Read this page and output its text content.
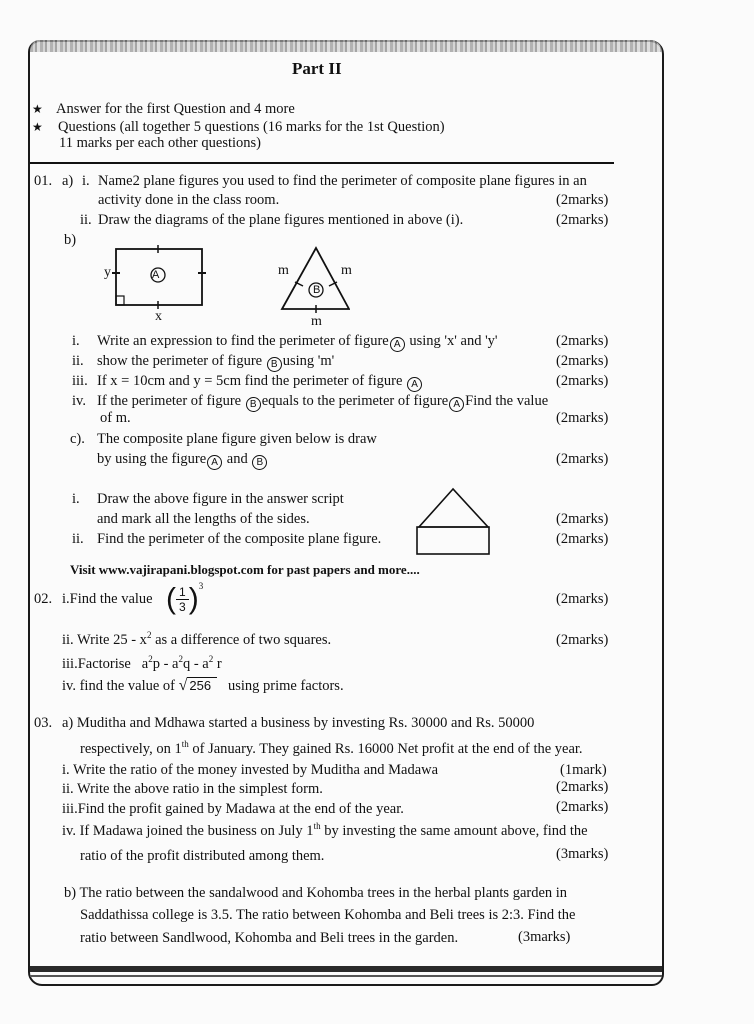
Part II
★ Answer for the first Question and 4 more
★ Questions (all together 5 questions (16 marks for the 1st Question)
11 marks per each other questions)
01. a) i. Name2 plane figures you used to find the perimeter of composite plane figures in an
activity done in the class room.	(2marks)
ii. Draw the diagrams of the plane figures mentioned in above (i).	(2marks)
b)
A
y
x
B
m	m
m
i. Write an expression to find the perimeter of figure A using 'x' and 'y'	(2marks)
ii. show the perimeter of figure B using 'm'	(2marks)
iii. If x = 10cm and y = 5cm find the perimeter of figure A	(2marks)
iv. If the perimeter of figure B equals to the perimeter of figure A Find the value
of m.	(2marks)
c). The composite plane figure given below is draw
by using the figure A and B	(2marks)
i. Draw the above figure in the answer script
and mark all the lengths of the sides.	(2marks)
ii. Find the perimeter of the composite plane figure.	(2marks)
Visit www.vajirapani.blogspot.com for past papers and more....
02. i.Find the value ( $\frac{1}{3} )^3$
(2marks)
ii. Write $25 - x^2$ as a difference of two squares.	(2marks)
iii.Factorise $a^2p - a^2q - a^2$ r
iv. find the value of √ 256 using prime factors.
03. a) Muditha and Mdhawa started a business by investing Rs. 30000 and Rs. 50000
respectively, on 1th of January. They gained Rs. 16000 Net profit at the end of the year.
i. Write the ratio of the money invested by Muditha and Madawa	(1mark)
ii. Write the above ratio in the simplest form.	(2marks)
iii.Find the profit gained by Madawa at the end of the year.	(2marks)
iv. If Madawa joined the business on July 1th by investing the same amount above, find the
ratio of the profit distributed among them.	(3marks)
b) The ratio between the sandalwood and Kohomba trees in the herbal plants garden in
Saddathissa college is 3.5. The ratio between Kohomba and Beli trees is 2:3. Find the
ratio between Sandlwood, Kohomba and Beli trees in the garden.	(3marks)
